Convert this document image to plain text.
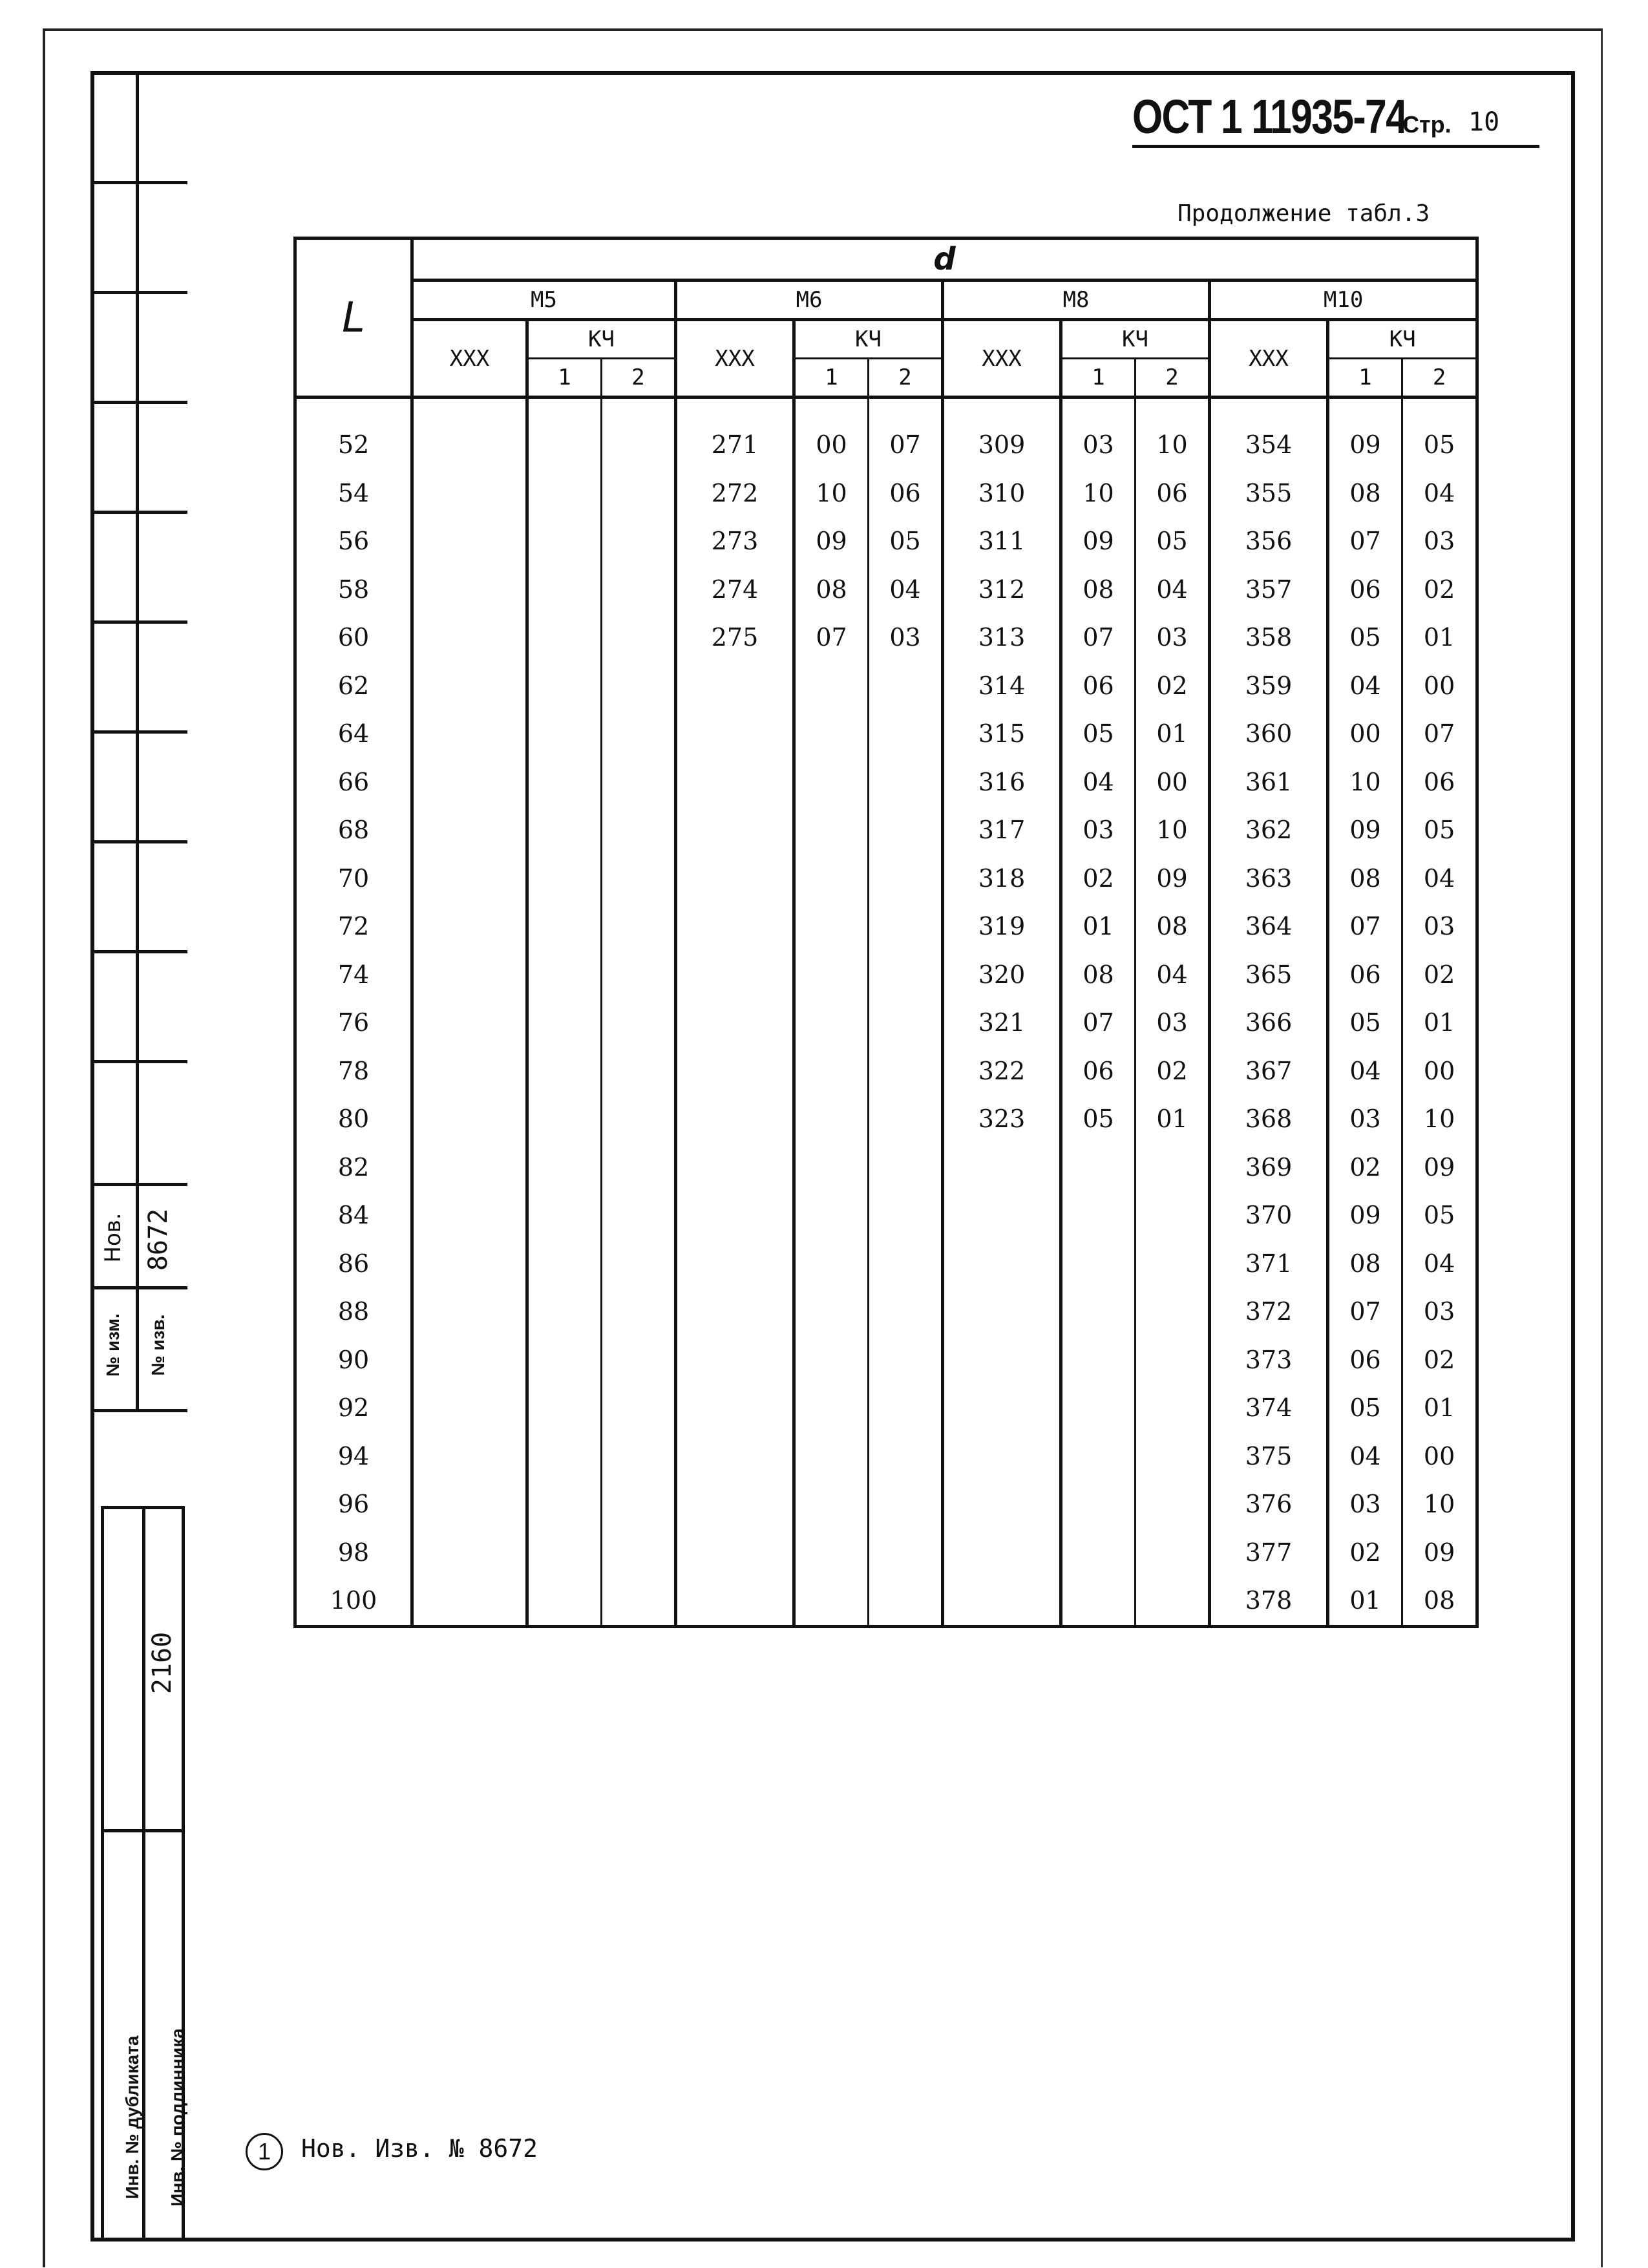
№ изм.
Нов.
№ изв.
8672
2160
Инв. № дубликата Инв. № подлинника
ОСТ 1 11935-74
Стр. 10
Продолжение табл.3
L	d											
	M5			M6			M8			M10		
	XXX	КЧ		XXX	КЧ		XXX	КЧ		XXX	КЧ	
		1	2		1	2		1	2		1	2

52				271	00	07	309	03	10	354	09	05
54				272	10	06	310	10	06	355	08	04
56				273	09	05	311	09	05	356	07	03
58				274	08	04	312	08	04	357	06	02
60				275	07	03	313	07	03	358	05	01
62							314	06	02	359	04	00
64							315	05	01	360	00	07
66							316	04	00	361	10	06
68							317	03	10	362	09	05
70							318	02	09	363	08	04
72							319	01	08	364	07	03
74							320	08	04	365	06	02
76							321	07	03	366	05	01
78							322	06	02	367	04	00
80							323	05	01	368	03	10
82										369	02	09
84										370	09	05
86										371	08	04
88										372	07	03
90										373	06	02
92										374	05	01
94										375	04	00
96										376	03	10
98										377	02	09
100										378	01	08
1	Нов. Изв. № 8672
